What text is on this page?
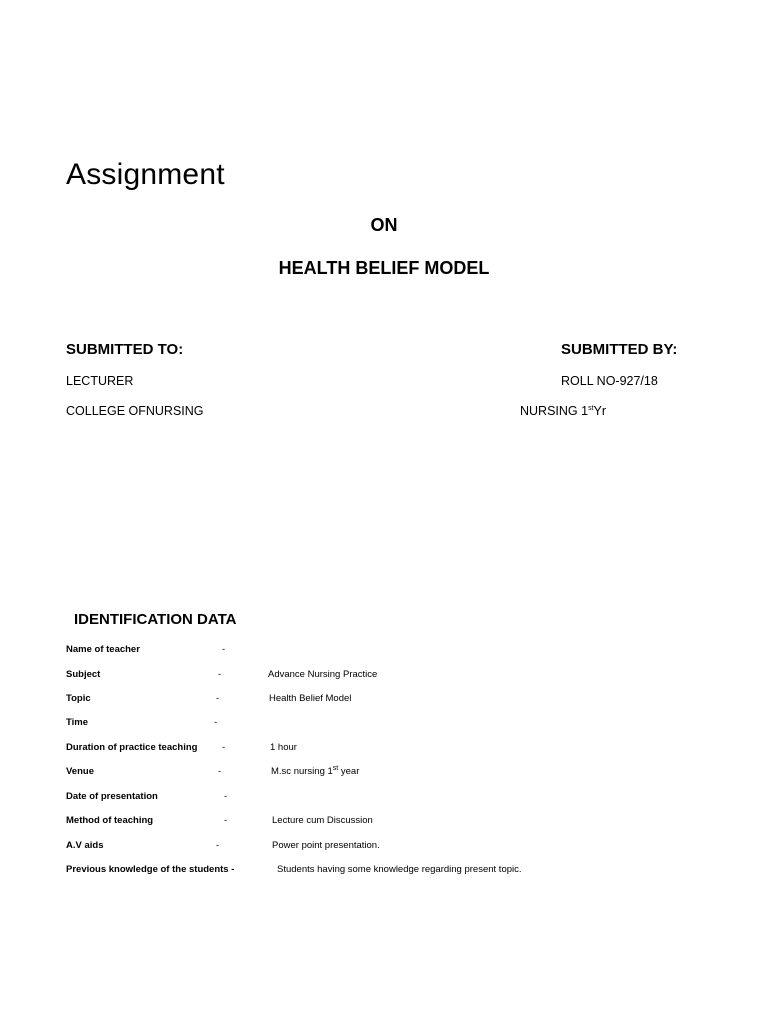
Assignment
ON
HEALTH BELIEF MODEL
SUBMITTED TO:
LECTURER
COLLEGE OFNURSING
SUBMITTED BY:
ROLL NO-927/18
NURSING 1stYr
IDENTIFICATION DATA
Name of teacher	-
Subject	-	Advance Nursing Practice
Topic	-	Health Belief Model
Time	-
Duration of practice teaching	-	1 hour
Venue	-	M.sc nursing 1st year
Date of presentation	-
Method of teaching	-	Lecture cum Discussion
A.V aids	-	Power point presentation.
Previous knowledge of the students -	Students having some knowledge regarding present topic.
